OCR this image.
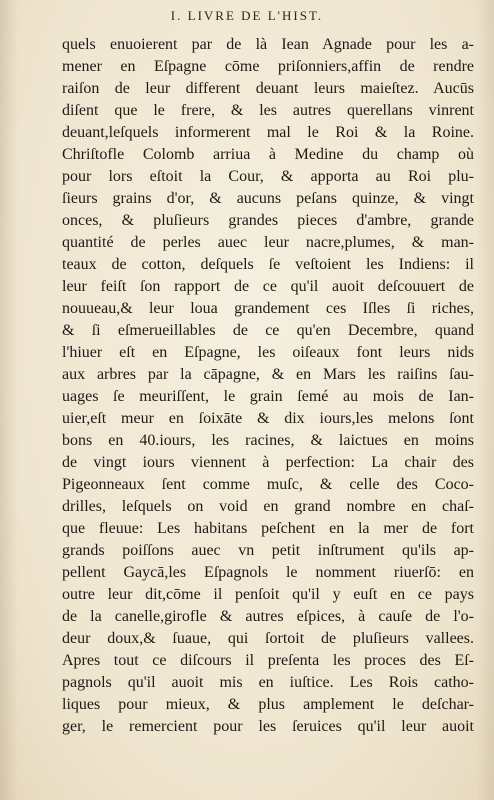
I. LIVRE DE L'HIST.
quels enuoierent par de là Iean Agnade pour les a-
mener en Eſpagne cōme priſonniers,affin de rendre
raiſon de leur different deuant leurs maieſtez. Aucūs
diſent que le frere, & les autres querellans vinrent
deuant,leſquels informerent mal le Roi & la Roine.
Chriſtofle Colomb arriua à Medine du champ où
pour lors eſtoit la Cour, & apporta au Roi plu-
ſieurs grains d'or, & aucuns peſans quinze, & vingt
onces, & pluſieurs grandes pieces d'ambre, grande
quantité de perles auec leur nacre,plumes, & man-
teaux de cotton, deſquels ſe veſtoient les Indiens: il
leur feiſt ſon rapport de ce qu'il auoit deſcouuert de
nouueau,& leur loua grandement ces Iſles ſi riches,
& ſi eſmerueillables de ce qu'en Decembre, quand
l'hiuer eſt en Eſpagne, les oiſeaux font leurs nids
aux arbres par la cāpagne, & en Mars les raiſins ſau-
uages ſe meuriſſent, le grain ſemé au mois de Ian-
uier,eſt meur en ſoixāte & dix iours,les melons ſont
bons en 40.iours, les racines, & laictues en moins
de vingt iours viennent à perfection: La chair des
Pigeonneaux ſent comme muſc, & celle des Coco-
drilles, leſquels on void en grand nombre en chaſ-
que fleuue: Les habitans peſchent en la mer de fort
grands poiſſons auec vn petit inſtrument qu'ils ap-
pellent Gaycā,les Eſpagnols le nomment riuerſō: en
outre leur dit,cōme il penſoit qu'il y euſt en ce pays
de la canelle,girofle & autres eſpices, à cauſe de l'o-
deur doux,& ſuaue, qui ſortoit de pluſieurs vallees.
Apres tout ce diſcours il preſenta les proces des Eſ-
pagnols qu'il auoit mis en iuſtice. Les Rois catho-
liques pour mieux, & plus amplement le deſchar-
ger, le remercient pour les ſeruices qu'il leur auoit
